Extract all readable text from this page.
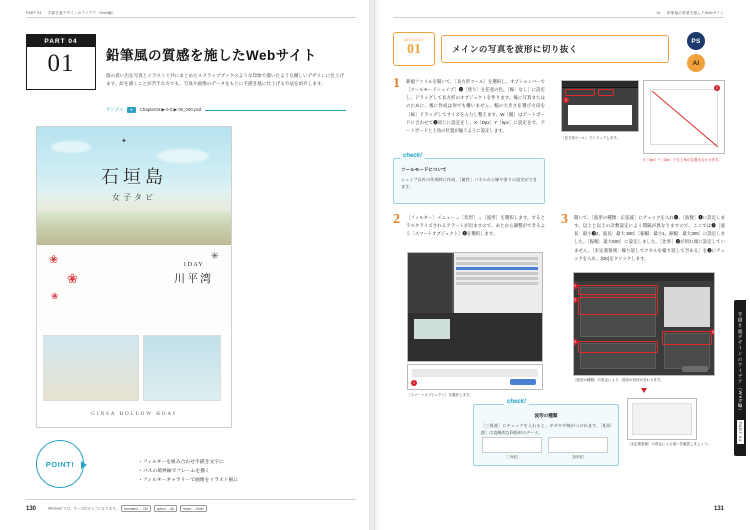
PART 04 手描き風デザインのアイデア（Web編）
PART 04
01	鉛筆風の質感を施したWebサイト
旅の思い出を写真とイラストと共にまとめたスクラップブックのような印象で描いたような優しいデザインに仕上げます。絵を描くことが苦手な方でも、写真や画像のデータをもとに手描き風に仕上げる方法を紹介します。
サンプル	▼	Chapter04 ▶ 0-0 ▶ 00_000.psd
✦
石垣島
女子タビ
❀
❀
❀
✳
1DAY
川平湾
GINSA HOLLOW HOAI
POINT!	・ フィルターを組み合わせ手描き文字に
・ パスの境界線でフレームを描く
・ フィルターギャラリーで画像をイラスト風に
130	Windows では、キーは次のようになります。 command → Ctrl	option → Alt	return → Enter
01 鉛筆風の質感を施したWebサイト
process
01	メインの写真を波形に切り抜く
PS
AI
1 新規ファイルを開いて、［長方形ツール］を選択し、オプションバーで［ツールモードシェイプ］❶［塗り］を任意の色、［線：なし］に設定し、ドラッグして長方形のオブジェクトを作ります。後に写真またはのために、後に作成は何でも構いません。幅の大きさを選び方向を［線］ドラッグしてサイズを入力し整えます。W［幅］はアートボードに合わせて❷同じに設定をし、X［Dpx］Y［0px］に設定をで、アートボードと上角の位置が揃うように設定します。
1
2
［長方形ツール］でドラッグします。
X［0px］Y［0px］で左上角の位置を合わせます。
check!
ツールモードについて
シェイプ以外の作成時に作成、［属性］パネルから線や塗りの設定ができます。
2 ［フィルター］メニュー→［変形］→［波形］を選択します。するとラスタライズされるアラートが出ますので、あとから調整ができるよう［スマートオブジェクト］❶を選択します。
1
［スマートオブジェクト］を選択します。
check!
波形の種類
［三角波］にチェックを入れると、ギザギザ線がつけれます。［矩形波］は直線的な四角形のデータ。
［三角波］	［矩形波］
3 開いて、［波形の種類：正弦波］にチェックを入れ❶、［波数］❶に設定します。以上と以上の計数設定によく間隔が異なりますので、ここでは❷［波長：最小❸2、波長：最大 300］［振幅：最小1、振幅：最大300］に設定しました。［振幅：最大600］に設定しました。［比率］❸が切れ端に設定していません。［未定義領域：繰り返しでクセルを繰り返して空ある］を❷にチェックを入れ、[OK]をクリックします。
1
2
3
4
［波形の種類］の設定により、波形の形状が変わります。
［未定義領域］の設定による違いを確認しましょう。
手描き風デザインのアイデア（Web編） PART 04
131
